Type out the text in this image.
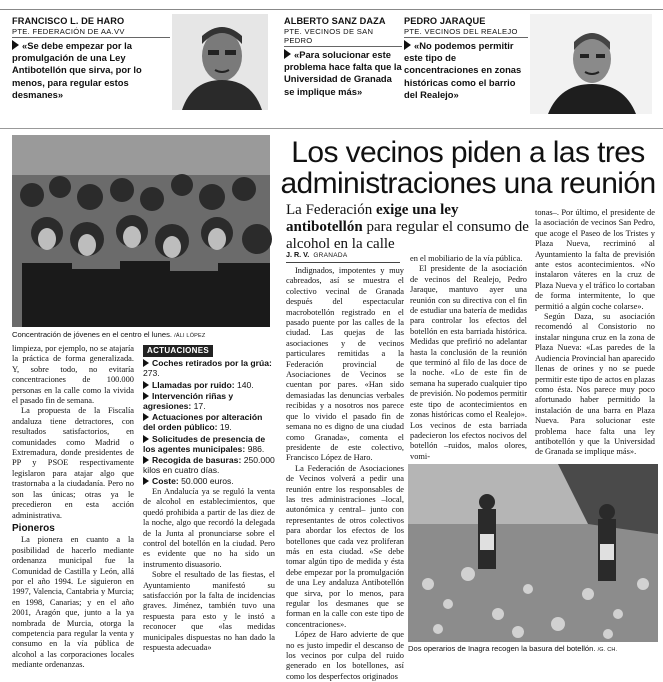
FRANCISCO L. DE HARO
PTE. FEDERACIÓN DE AA.VV
«Se debe empezar por la promulgación de una Ley Antibotellón que sirva, por lo menos, para regular estos desmanes»
ALBERTO SANZ DAZA
PTE. VECINOS DE SAN PEDRO
«Para solucionar este problema hace falta que la Universidad de Granada se implique más»
PEDRO JARAQUE
PTE. VECINOS DEL REALEJO
«No podemos permitir este tipo de concentraciones en zonas históricas como el barrio del Realejo»
Concentración de jóvenes en el centro el lunes. /ÁLI LÓPEZ
Los vecinos piden a las tres administraciones una reunión
La Federación exige una ley antibotellón para regular el consumo de alcohol en la calle
J. R. V. GRANADA

limpieza, por ejemplo, no se atajaría la práctica de forma generalizada. Y, sobre todo, no evitaría concentraciones de 100.000 personas en la calle como la vivida el pasado fin de semana.

La propuesta de la Fiscalía andaluza tiene detractores, con resultados satisfactorios, en comunidades como Madrid o Extremadura, donde presidentes de PP y PSOE respectivamente legislaron para atajar algo que trastornaba a la ciudadanía. Pero no son las únicas; otras ya le precedieron en esta acción administrativa.

Pioneros

La pionera en cuanto a la posibilidad de hacerlo mediante ordenanza municipal fue la Comunidad de Castilla y León, allá por el año 1994. Le siguieron en 1997, Valencia, Cantabria y Murcia; en 1998, Canarias; y en el año 2001, Aragón que, junto a la ya nombrada de Murcia, otorga la competencia para regular la venta y consumo en la vía pública de alcohol a las corporaciones locales mediante ordenanzas.

ACTUACIONES
Coches retirados por la grúa: 273.
Llamadas por ruido: 140.
Intervención riñas y agresiones: 17.
Actuaciones por alteración del orden público: 19.
Solicitudes de presencia de los agentes municipales: 986.
Recogida de basuras: 250.000 kilos en cuatro días.
Coste: 50.000 euros.

En Andalucía ya se reguló la venta de alcohol en establecimientos, que quedó prohibida a partir de las diez de la noche, algo que recordó la delegada de la Junta al pronunciarse sobre el control del botellón en la ciudad. Pero es evidente que no ha sido un instrumento disuasorio.

Sobre el resultado de las fiestas, el Ayuntamiento manifestó su satisfacción por la falta de incidencias graves. Jiménez, también tuvo una respuesta para esto y le instó a reconocer que «las medidas municipales dispuestas no han dado la respuesta adecuada»

Indignados, impotentes y muy cabreados, así se muestra el colectivo vecinal de Granada después del espectacular macrobotellón registrado en el pasado puente por las calles de la ciudad. Las quejas de las asociaciones y de vecinos particulares remitidas a la Federación provincial de Asociaciones de Vecinos se cuentan por pares. «Han sido demasiadas las denuncias verbales recibidas y a nosotros nos parece que lo vivido el pasado fin de semana no es digno de una ciudad como Granada», comenta el presidente de este colectivo, Francisco López de Haro.

La Federación de Asociaciones de Vecinos volverá a pedir una reunión entre los responsables de las tres administraciones –local, autonómica y central– junto con representantes de otros colectivos para abordar los efectos de los botellones que cada vez proliferan más en esta ciudad. «Se debe tomar algún tipo de medida y ésta debe empezar por la promulgación de una Ley andaluza Antibotellón que sirva, por lo menos, para regular los desmanes que se forman en la calle con este tipo de concentraciones».

López de Haro advierte de que no es justo impedir el descanso de los vecinos por culpa del ruido generado en los botellones, así como los desperfectos originados

en el mobiliario de la vía pública.

El presidente de la asociación de vecinos del Realejo, Pedro Jaraque, mantuvo ayer una reunión con su directiva con el fin de estudiar una batería de medidas para controlar los efectos del botellón en esta barriada histórica. Medidas que prefirió no adelantar hasta la conclusión de la reunión que terminó al filo de las doce de la noche. «Lo de este fin de semana ha superado cualquier tipo de previsión. No podemos permitir este tipo de acontecimientos en zonas históricas como el Realejo». Los vecinos de esta barriada padecieron los efectos nocivos del botellón –ruidos, malos olores, vomi-

tonas–. Por último, el presidente de la asociación de vecinos San Pedro, que acoge el Paseo de los Tristes y Plaza Nueva, recriminó al Ayuntamiento la falta de previsión ante estos acontecimientos. «No instalaron váteres en la cruz de Plaza Nueva y el tráfico lo cortaban de forma intermitente, lo que permitió a algún coche colarse».

Según Daza, su asociación recomendó al Consistorio no instalar ninguna cruz en la zona de Plaza Nueva: «Las paredes de la Audiencia Provincial han aparecido llenas de orines y no se puede permitir este tipo de actos en plazas como ésta. Nos parece muy poco afortunado haber permitido la instalación de una barra en Plaza Nueva. Para solucionar este problema hace falta una ley antibotellón y que la Universidad de Granada se implique más».

Dos operarios de Inagra recogen la basura del botellón. /G. CH.
